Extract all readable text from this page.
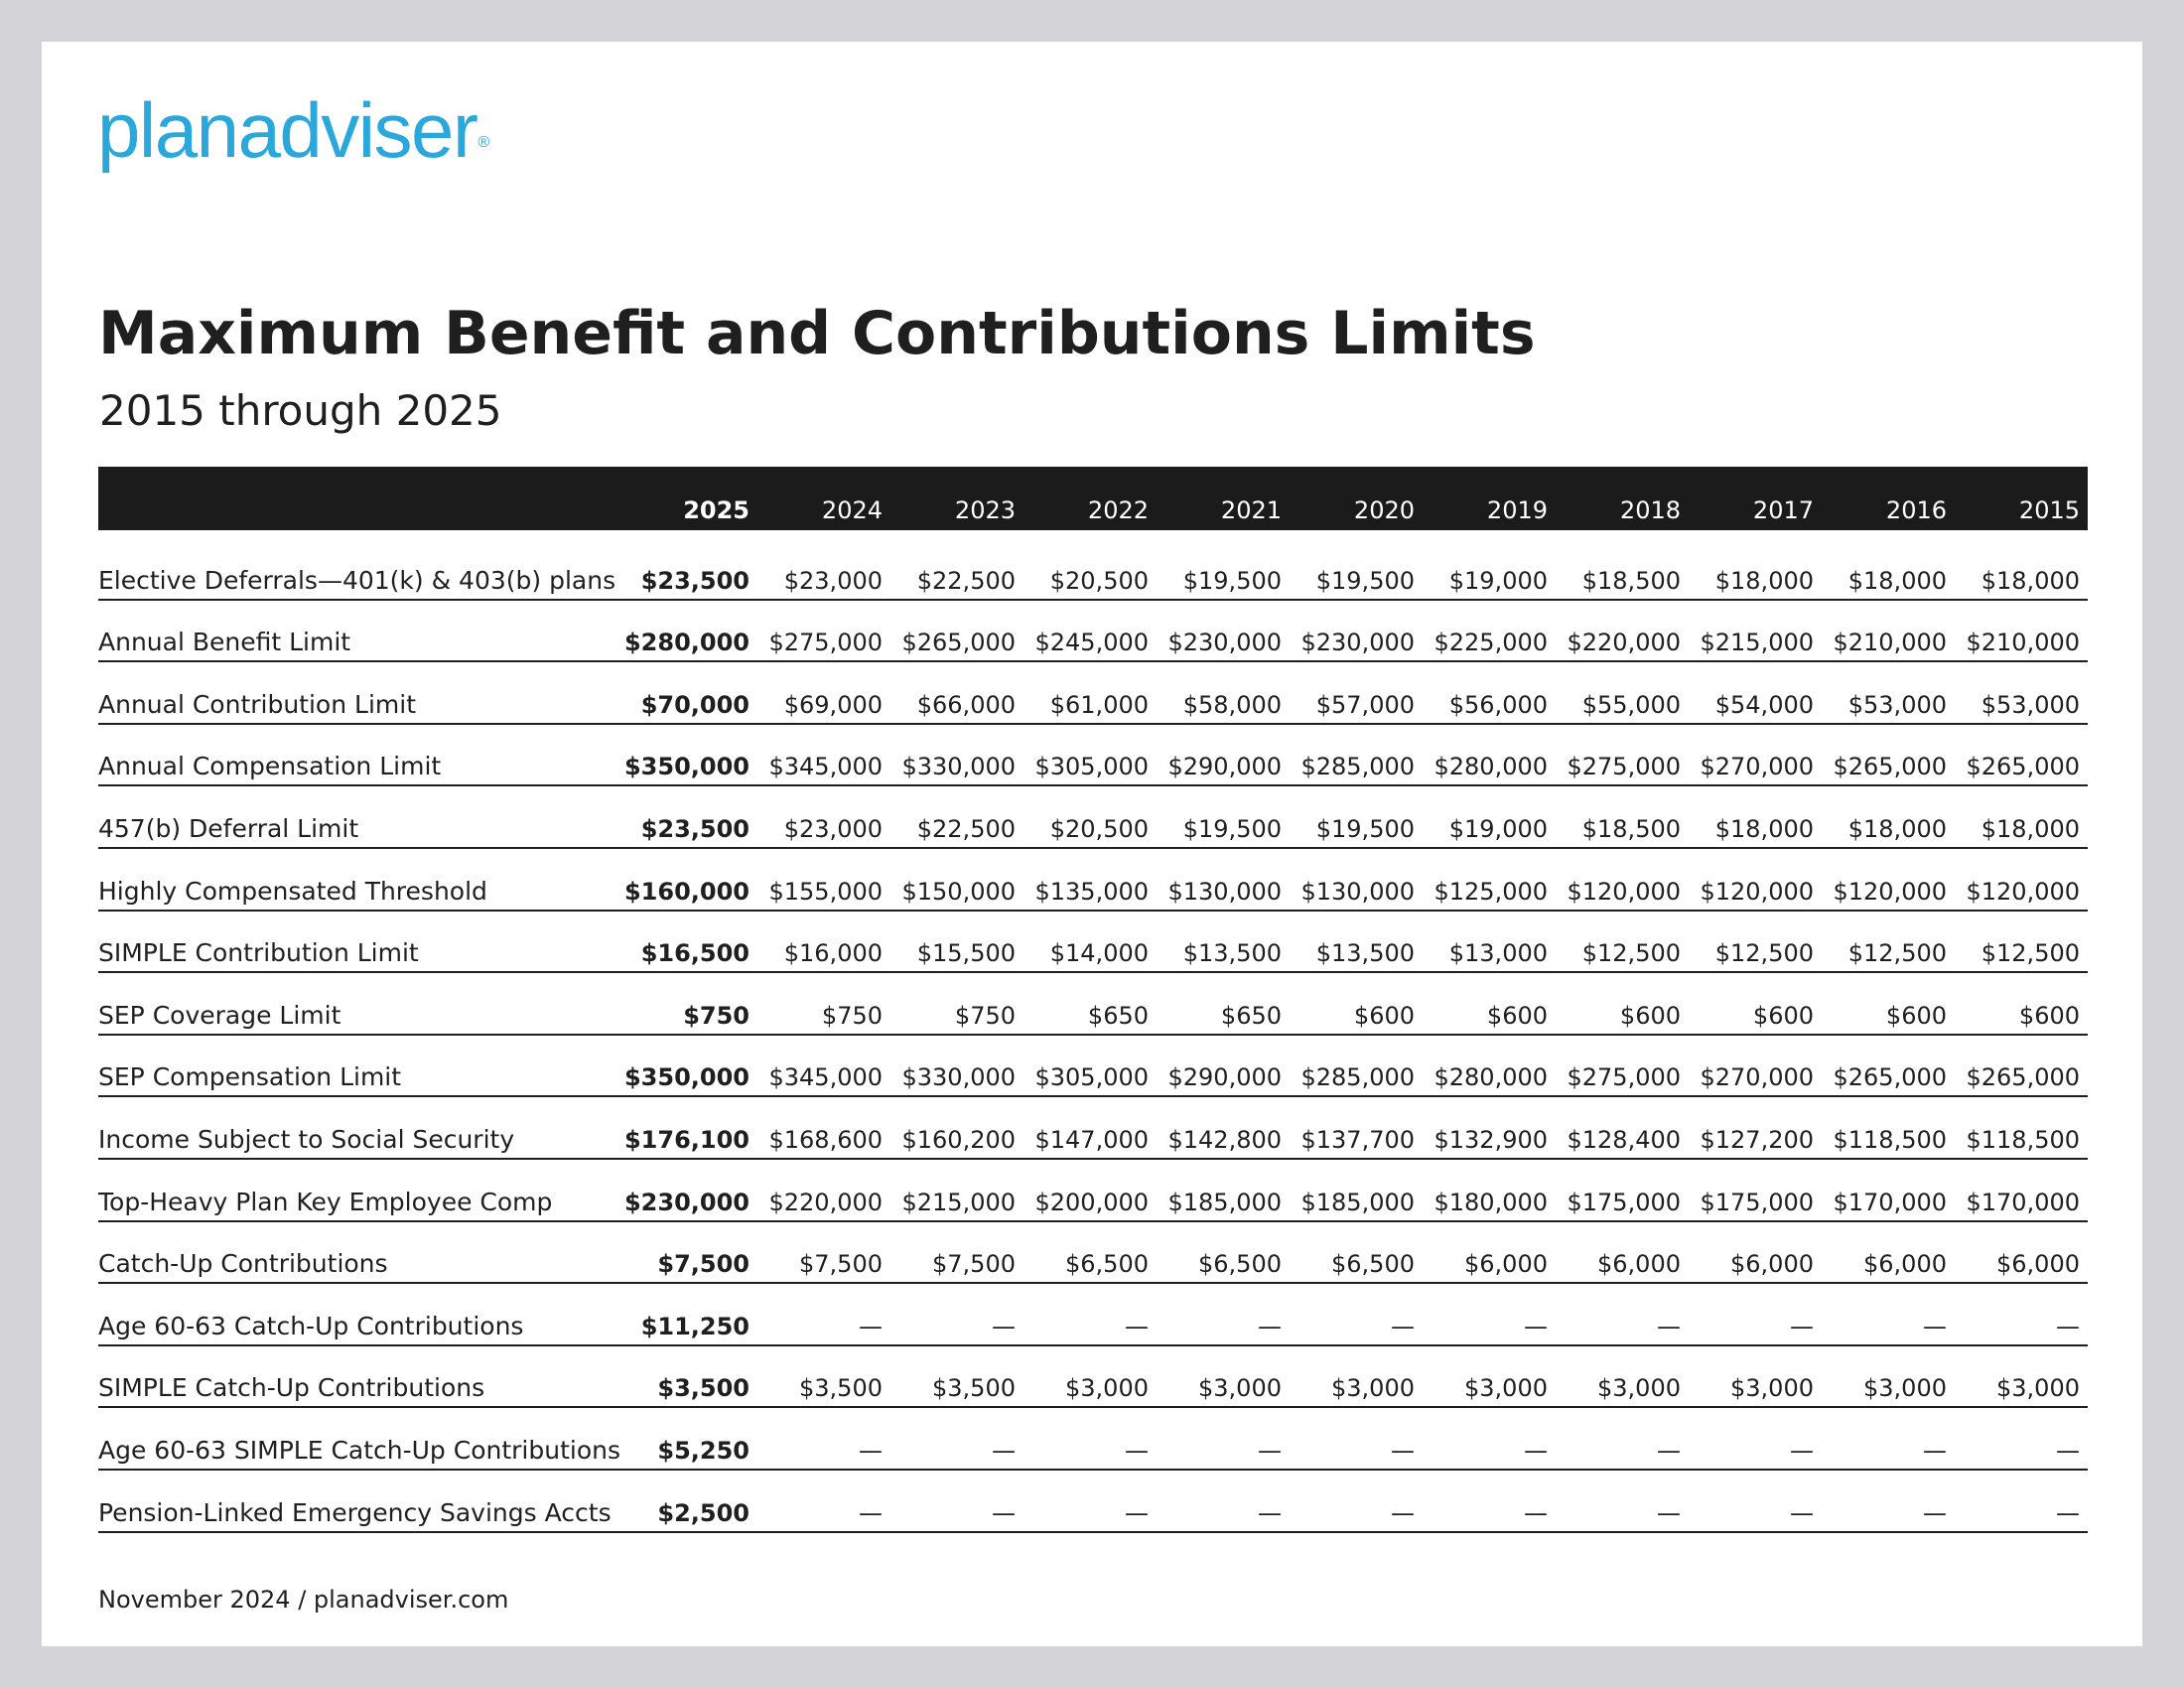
planadviser®
Maximum Benefit and Contributions Limits
2015 through 2025
2025	2024	2023	2022	2021	2020	2019	2018	2017	2016	2015
Elective Deferrals—401(k) & 403(b) plans $23,500 $23,000 $22,500 $20,500 $19,500 $19,500 $19,000 $18,500 $18,000 $18,000 $18,000
Annual Benefit Limit	$280,000 $275,000 $265,000 $245,000 $230,000 $230,000 $225,000 $220,000 $215,000 $210,000 $210,000
Annual Contribution Limit	$70,000 $69,000 $66,000 $61,000 $58,000 $57,000 $56,000 $55,000 $54,000 $53,000 $53,000
Annual Compensation Limit	$350,000 $345,000 $330,000 $305,000 $290,000 $285,000 $280,000 $275,000 $270,000 $265,000 $265,000
457(b) Deferral Limit	$23,500 $23,000 $22,500 $20,500 $19,500 $19,500 $19,000 $18,500 $18,000 $18,000 $18,000
Highly Compensated Threshold	$160,000 $155,000 $150,000 $135,000 $130,000 $130,000 $125,000 $120,000 $120,000 $120,000 $120,000
SIMPLE Contribution Limit	$16,500 $16,000 $15,500 $14,000 $13,500 $13,500 $13,000 $12,500 $12,500 $12,500 $12,500
SEP Coverage Limit	$750	$750	$750	$650	$650	$600	$600	$600	$600	$600	$600
SEP Compensation Limit	$350,000 $345,000 $330,000 $305,000 $290,000 $285,000 $280,000 $275,000 $270,000 $265,000 $265,000
Income Subject to Social Security	$176,100 $168,600 $160,200 $147,000 $142,800 $137,700 $132,900 $128,400 $127,200 $118,500 $118,500
Top-Heavy Plan Key Employee Comp	$230,000 $220,000 $215,000 $200,000 $185,000 $185,000 $180,000 $175,000 $175,000 $170,000 $170,000
Catch-Up Contributions	$7,500 $7,500 $7,500 $6,500 $6,500 $6,500 $6,000 $6,000 $6,000 $6,000 $6,000
Age 60-63 Catch-Up Contributions	$11,250	—	—	—	—	—	—	—	—	—	—
SIMPLE Catch-Up Contributions	$3,500 $3,500 $3,500 $3,000 $3,000 $3,000 $3,000 $3,000 $3,000 $3,000 $3,000
Age 60-63 SIMPLE Catch-Up Contributions $5,250	—	—	—	—	—	—	—	—	—	—
Pension-Linked Emergency Savings Accts $2,500	—	—	—	—	—	—	—	—	—	—
November 2024 / planadviser.com
